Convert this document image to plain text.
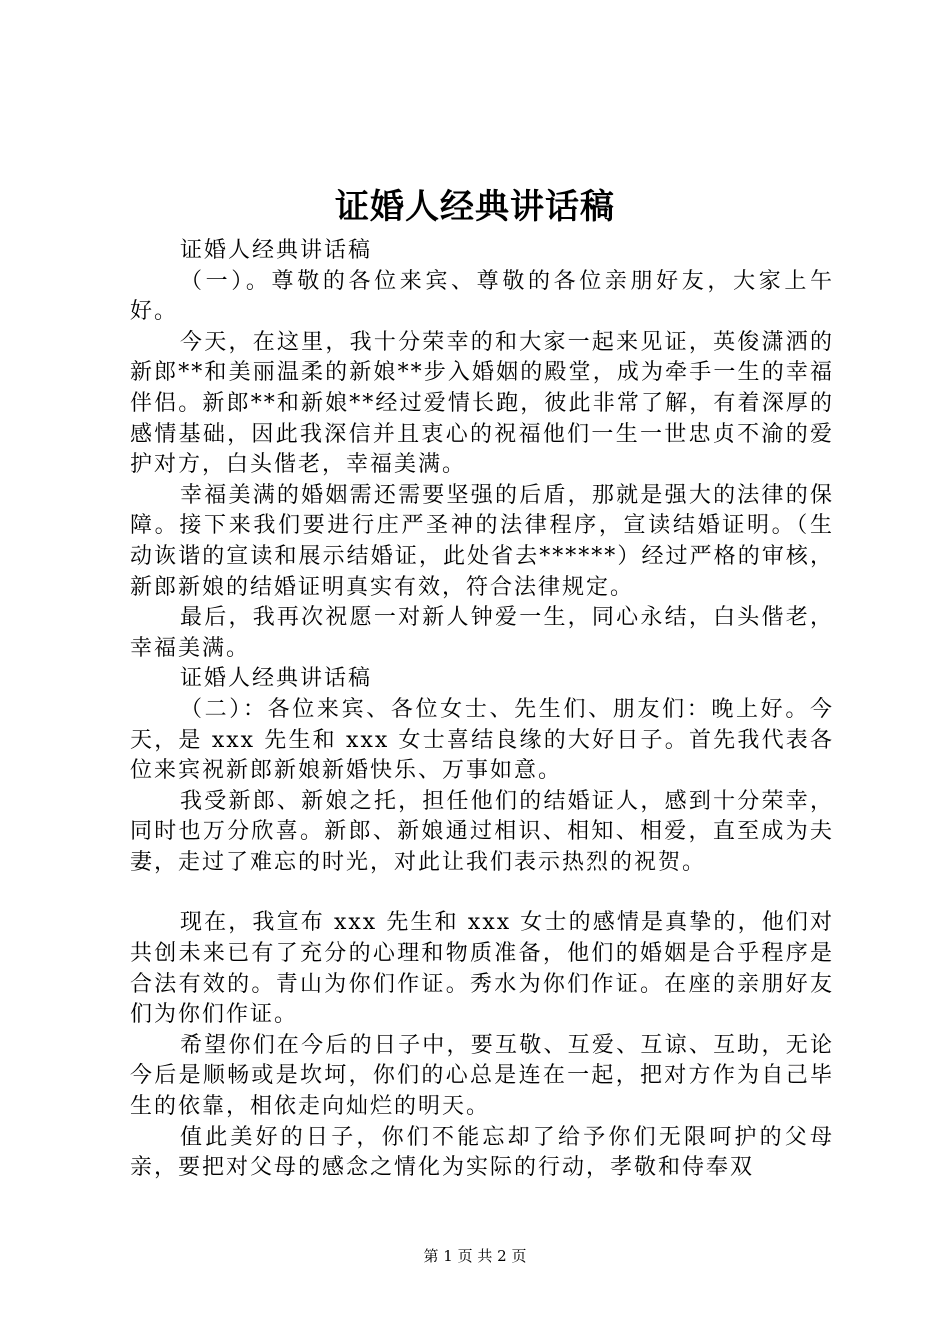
证婚人经典讲话稿

证婚人经典讲话稿

（一）。尊敬的各位来宾、尊敬的各位亲朋好友，大家上午好。

今天，在这里，我十分荣幸的和大家一起来见证，英俊潇洒的新郎**和美丽温柔的新娘**步入婚姻的殿堂，成为牵手一生的幸福伴侣。新郎**和新娘**经过爱情长跑，彼此非常了解，有着深厚的感情基础，因此我深信并且衷心的祝福他们一生一世忠贞不渝的爱护对方，白头偕老，幸福美满。

幸福美满的婚姻需还需要坚强的后盾，那就是强大的法律的保障。接下来我们要进行庄严圣神的法律程序，宣读结婚证明。（生动诙谐的宣读和展示结婚证，此处省去******）经过严格的审核，新郎新娘的结婚证明真实有效，符合法律规定。

最后，我再次祝愿一对新人钟爱一生，同心永结，白头偕老，幸福美满。

证婚人经典讲话稿

（二）：各位来宾、各位女士、先生们、朋友们：晚上好。今天，是 xxx 先生和 xxx 女士喜结良缘的大好日子。首先我代表各位来宾祝新郎新娘新婚快乐、万事如意。

我受新郎、新娘之托，担任他们的结婚证人，感到十分荣幸，同时也万分欣喜。新郎、新娘通过相识、相知、相爱，直至成为夫妻，走过了难忘的时光，对此让我们表示热烈的祝贺。

现在，我宣布 xxx 先生和 xxx 女士的感情是真挚的，他们对共创未来已有了充分的心理和物质准备，他们的婚姻是合乎程序是合法有效的。青山为你们作证。秀水为你们作证。在座的亲朋好友们为你们作证。

希望你们在今后的日子中，要互敬、互爱、互谅、互助，无论今后是顺畅或是坎坷，你们的心总是连在一起，把对方作为自己毕生的依靠，相依走向灿烂的明天。

值此美好的日子，你们不能忘却了给予你们无限呵护的父母亲，要把对父母的感念之情化为实际的行动，孝敬和侍奉双

第 1 页 共 2 页
